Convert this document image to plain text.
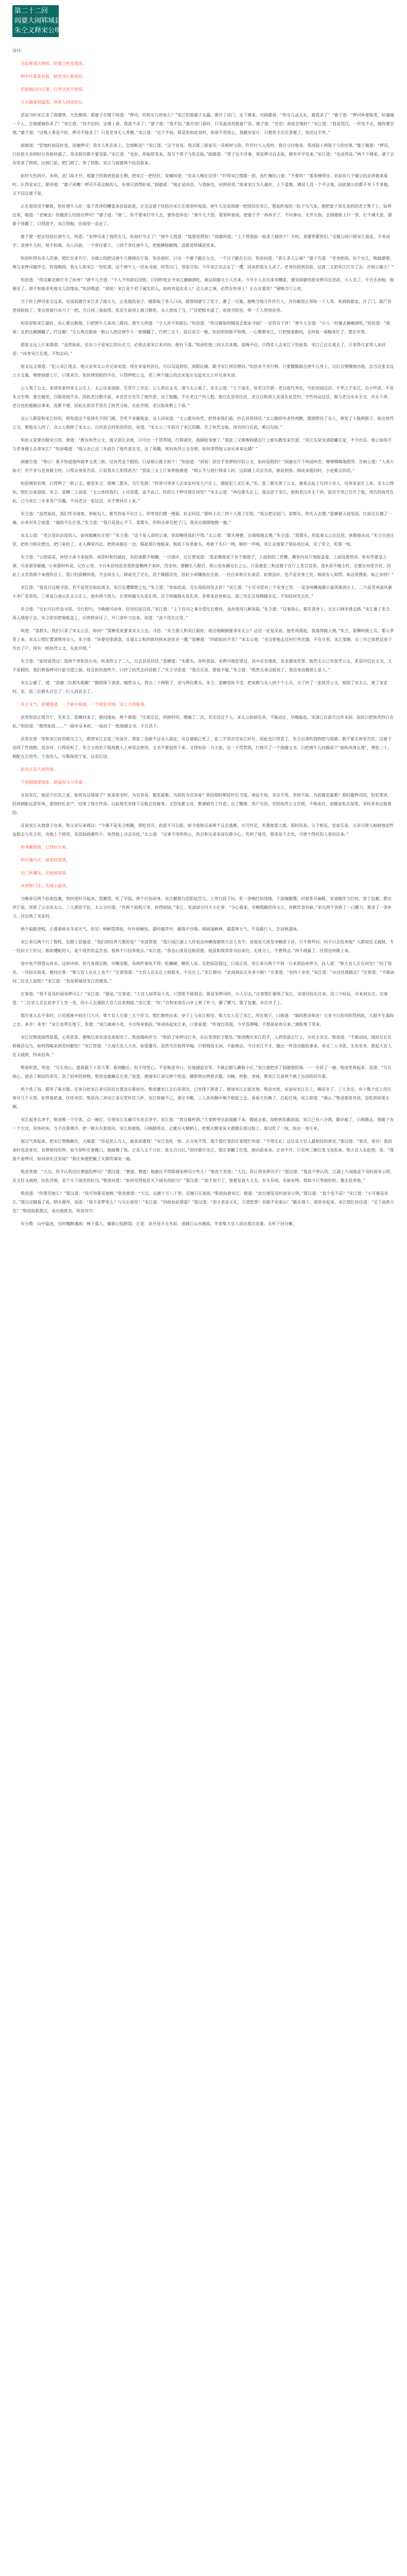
第二十二回
阎婆大闹郓城县
朱仝义释宋公明

诗曰：

为恶难逃天理昭，阴曹已把业缘消。

明中作恶犹有报，暗里违心祸更招。

若能悔过归正道，自然灾害不相侵。

丈夫做事须磊落，休使人间说短长。

话说当时宋江杀了阎婆惜，天色渐明，那婆子在楼下叫道：“押司，你和女儿吵甚么？”宋江怕那婆子走漏，便开了房门，走下楼来，对阎婆道：“你女儿忒无礼，被我杀了！”婆子道：“押司休要取笑，好端端一个人，怎地便被你杀了？”宋江道：“你不信时，去楼上看。我真个杀了！”婆子道：“我不信。”推开房门看时，只见血泊里挺着尸首。婆子道：“苦也！却是怎地好？”宋江道：“我是烈汉，一世也不走。随你要怎地。”婆子道：“这贱人果是不好，押司不错杀了！只是老身无人养赡。”宋江道：“这个不妨，既是你如此说时，你却不用忧心。我颇有家计，只教你丰衣足食便了，快活过半世。”

阎婆道：“恁地时却是好也，深谢押司！我女儿死在床上，怎地断送？”宋江道：“这个容易。我去陈三郎家买一具棺材与你。仵作行人入殓时，我自分付他来。我再取十两银子与你结果。”婆子谢道：“押司，只好趁天未明时讨具棺材盛了，邻舍街坊都不要见影。”宋江道：“也好。你取纸笔来，我写个票子与你去取。”阎婆道：“票子也不济事，须是押司自去取，便肯早早发来。”宋江道：“也说得是。”两个下楼来。婆子去房里拿了锁钥，出到门前，把门锁了，带了钥匙。宋江与阎婆两个投县前来。

此时天色尚早，未明，县门却才开。那婆子约莫到县前左侧，把宋江一把结住，发喊叫道：“有杀人贼在这里！”吓得宋江慌做一团，连忙掩住口道：“不要叫！”那里掩得住。县前有几个做公的走将拢来看时，认得是宋江，便劝道：“婆子闭嘴！押司不是这般的人，有事只消得好说。”阎婆道：“他正是凶首，与我捉住，同到县里。”原来宋江为人最好，上下爱敬，满县人没一个不让他，因此做公的都不肯下手拿他，又不信这婆子说。

正在那里没个解救，恰好唐牛儿托一盘子洗净的糟姜来县前赶趁，正见这婆子结扭住宋江在那里叫冤屈。唐牛儿见是阎婆一把扭结住宋江，想起昨夜的一肚子鸟气来，便把盘子放在卖药的老王凳子上，钻将过来，喝道：“老贼虫！你做甚么结扭住押司？”婆子道：“唐二，你不要来打夺人去，要你偿命也！”唐牛儿大怒，那里听他说，把婆子手一拆拆开了，不问事由，叉开五指，去阎婆脸上只一掌，打个满天星。那婆子昏撒了，只得放手。宋江得脱，往闹里一直走了。

婆子便一把去结扭住唐牛儿，叫道：“宋押司杀了我的女儿，你却打夺去了！”唐牛儿慌道：“我那里得知！”阎婆叫道：“上下替我捉一捉杀人贼则个！不时，须要带累你们。”众做公的只碍宋江面皮，不肯动手；拿唐牛儿时，须不担阁。众人向前，一个带住婆子，三四个拿住唐牛儿，把他横拖倒拽，直推进郓城县里来。

知县听得有杀人的事，慌忙出来升厅。众做公的把这唐牛儿簇拥在厅前。知县看时，只见一个婆子跪在左边，一个汉子跪在右边。知县问道：“甚么杀人公事？”婆子告道：“老身姓阎。有个女儿，唤做婆惜。典与宋押司做外宅。昨夜晚间，我女儿和宋江一处吃酒，这个唐牛儿一径来寻闹，叫骂出门，邻里尽知。今早宋江出去走了一遭，回来把我女儿杀了。老身结扭到县前，这唐二又把宋江打夺了去。告相公做主！”

知县道：“你这厮怎敢打夺了凶身？”唐牛儿告道：“小人不知前后因依。只因昨夜去寻宋江搪碗酒吃，被这阎婆叉小人出来。今早小人自出来卖糟姜，遇见阎婆结扭宋押司在县前，小人见了，不合去劝他，他便走了。却不知他杀死他女儿的缘由。”知县喝道：“胡说！宋江是个君子诚实的人，如何肯造次杀人？这人命之事，必然在你身上！左右在那里？”便唤当厅公吏。

当下转上押司张文远来，见说阎婆告宋江杀了他女儿，正是他的表子，随即取了各人口词，就替阎婆写了状子，叠了一宗案，便唤当地方仵作行人，并坊厢里正邻佑一干人等，来到阎婆家，开了门，取尸首登场检验了。身边放着行凶刀子一把。当日再三看验得，系是生前项上被刀勒死。众人登场了当，尸首把棺木盛了，寄放寺院里，将一干人带到县里。

知县却和宋江最好，有心要出脱他，只把唐牛儿来再三推问。唐牛儿供道：“小人并不知前后。”知县道：“你这厮如何隔夜去他家寻闹？一定你有干涉！”唐牛儿告道：“小人一时撞去搪碗酒吃。”知县道：“胡说！且把这厮捆翻了，打这厮！”左右两边狼虎一般公人把这唐牛儿一索捆翻了，打到三五十，前后语言一般。知县明知他不知情，一心要救宋江，只把他来勘问，且叫取一面枷来钉了，禁在牢里。

那张文远上厅来禀道：“虽然如此，见有刀子是宋江的压衣刀，必须去拿宋江来对问，便有下落。”知县吃他三回五次来禀，遮掩不住，只得差人去宋江下处捉拿。宋江已自在逃去了，只拿得几家邻人来回话：“凶身宋江在逃，不知去向。”

张文远又禀道：“犯人宋江逃去，他父亲宋太公并兄弟宋清，现在宋家村居住，可以勾追到官，责限比捕，跟寻宋江到官理问。”知县本不肯行移，只要朦胧做在唐牛儿身上，日后自慢慢地出他。怎当这张文远立主文案，唆使阎婆上厅，只管来告。知县情知阻挡不住，只得押纸公文，差三两个做公的去宋家庄勾追宋太公并兄弟宋清。

公人领了公文，来到宋家村宋太公庄上。太公出来迎接，至草厅上坐定。公人将出文书，递与太公看了。宋太公道：“上下请坐，容老汉告禀：老汉祖代务农，守此田园过活。不孝之子宋江，自小忤逆，不肯本分生理，要去做吏，百般说他不从。因此老汉数年前，本县官长处告了他忤逆，出了他籍，不在老汉户内人数。他自在县里住居，老汉自和孩儿宋清在此荒村，守些田亩过活。他与老汉水米无交，并无干涉。老汉也怕他做出事来，连累不便，因此在前官手里告了执凭文帖，在此存照。老汉取来教上下看。”

众公人都是和宋江好的，明知道这个是预先开的门路，苦死不肯做冤家。众人回说道：“太公既有执凭，把将来我们看，抄去县里回话。”太公随即宰杀些鸡鹅，置酒管待了众人，赍发了十数两银子，取出执凭公文，教他众人抄了。众公人相辞了宋太公，自回县去回知县的话，说道：“宋太公三年前出了宋江的籍，告了执凭文帖，现有抄白在此，难以勾捉。”

知县又是要出脱宋江的，便道：“既有执凭公文，他又别无亲族，只可出一千贯赏钱，行移诸处，海捕捉拿便了。”那张三又挑唆阎婆去厅上披头散发来告道：“宋江实是宋清隐藏在家，不令出官。相公如何不与老身做主去拿宋江？”知县喝道：“他父亲已自三年前告了他忤逆在官，出了他籍，现有执凭公文存照，如何拿得他父亲兄弟来比捕？”

阎婆告道：“相公！谁不知道他叫做孝义黑三郎，这执凭是个假的。只是相公做主则个！”知县道：“胡说！前官手里押的印信公文，如何是假的？”阎婆在厅下叫屈叫苦，哽哽咽咽地假哭，告相公道：“人命大如天！若不肯与老身做主时，只得去州里告状。只是我女儿死得甚苦！”那张三又上厅来替他禀道：“相公不与他行移拿人时，这阎婆上司去告状，倒是利害。倘或来提问时，小吏难去回话。”

知县情知有理，只得押了一纸公文，便差朱仝、雷横二都头，当厅发落：“你等可带多人去宋家村宋大户庄上，搜捉犯人宋江来。”朱、雷二都头领了公文，便来点起土兵四十余人，径奔宋家庄上来。宋太公得知，慌忙出来迎接。朱仝、雷横二人说道：“太公休怪我们。上司差遣，盖不由己。你的儿子押司现在何处？”宋太公道：“两位都头在上，我这逆子宋江，他和老汉并无干涉，前官手里已告开了他，现告的执凭在此。已与宋江三年多各户另籍，不同老汉一家过活，亦不曾回庄上来。”

朱仝道：“虽然如此，我们凭书请客，奉帖勾人，难凭你说不在庄上。你等我们搜一搜看，好去回话。”便叫土兵三四十人围了庄院。“我自把定前门，雷都头，你先入去搜。”雷横便入进里面，庄前庄后搜了一遍，出来对朱仝说道：“端的不在庄里。”朱仝道：“我只是放心不下。雷都头，你和众弟兄把了门，我亲自细细地搜一遍。”

宋太公道：“老汉是识法度的人，如何敢藏在庄里？”朱仝道：“这个是人命的公事，你却嗔怪我们不得。”太公道：“都头尊便，自细细地去搜。”朱仝道：“雷都头，你监着太公在这里，休教他走动。”朱仝自进庄里，把朴刀倚在壁边，把门来拴了，走入佛堂内去，把供床拖在一边，揭起那片地板来。板底下有条索头，将索子头只一拽，铜铃一声响，宋江从地窨子里钻将出来，见了朱仝，吃那一惊。

朱仝道：“公明哥哥，休怪小弟今来捉你。闲常时和你最好，有的事都不相瞒。一日酒中，兄长曾说道：‘我家佛座底下有个地窨子，上面供的三世佛，佛堂内有片地板盖着，上面设着供床。你有些紧急之事，可来那里躲避。’小弟那时听说，记在心里。今日本县知县差我和雷横两个来时，没奈何，要瞒生人眼目。相公也有觑兄长之心，只是被张三和这婆子在厅上发言发语，道本县不做主时，定要在州里告状，因此上又差我两个来搜你庄上。我只怕雷横执着，不会周全人，倘或见了兄长，没个做圆活处，因此小弟赚他在庄前，一径自来和兄长说话。此地虽好，也不是安身之处。倘或有人知得，来这里搜着，如之奈何？”

宋江道：“我也自这般寻思。若不是贤兄如此周全，宋江定遭缧绁之厄。”朱仝道：“休如此说。兄长却投何处去好？”宋江道：“小可寻思有三个安身之处：一是沧州横海郡小旋风柴进庄上，二乃是青州清风寨小李广花荣处，三者是白虎山孔太公庄上。他有两个孩儿：长男叫做毛头星孔明，次子叫做独火星孔亮，多曾来县里相会。那三处在这里踌躇未定，不知投何处去好。”

朱仝道：“兄长可以作急寻思，当行即行。今晚便可动身，切勿迟延自误。”宋江道：“上下官司之事全望兄长维持，金帛使用只顾来取。”朱仝道：“这事放心，都在我身上。兄长只顾安排去路。”宋江谢了朱仝，再入地窨子去。朱仝依旧把地板盖上，还将供床压了，开门拿朴刀出来，说道：“真个没在庄里。”

叫道：“雷都头，我们只拿了宋太公去，如何？”雷横见说要拿宋太公去，寻思：“朱仝那人和宋江最好，他怎地颠倒要拿宋太公？这话一定是反说。他若再提起，我落得做人情。”朱仝、雷横叫拢土兵，都入草堂上来。宋太公慌忙置酒管待众人。朱仝道：“休要安排酒食，且请太公和四郎同到本县里走一遭。”雷横道：“四郎如何不见？”宋太公道：“老汉使他去近村打些农器，不在庄里。宋江那厮，自三年已前把这逆子告出了户，现有一纸执凭公文，在此存照。”

朱仝道：“如何说得过！我两个奉知县台旨，叫拿你父子二人，自去县里回话。”雷横道：“朱都头，你听我说。宋押司他犯罪过，其中必有缘故，也未便该死罪。既然太公已有执凭公文，系是印信官文书，又不是假的，我们须看押司日前交望之面，权且担负他些个，只抄了执凭去回话便了。”朱仝寻思道：“我自反说，要他不疑。”朱仝道：“既然兄弟这般说了，我没来由做甚么恶人。”

宋太公谢了，道：“深感二位都头相觑！”随即排下酒食，犒赏众人，将出二十两银子，送与两位都头。朱仝、雷横坚执不受，把来散与众人四十个土兵，分了抄了一张执凭公文，相别了宋太公，离了宋家村。朱、雷二位都头自引了一行人回县去了。

朱仝义气，雷横圆通，一个暗中相救，一个明里卖情，宋江方得脱身。

县里知县正值升厅，见朱仝、雷横回来了，便问缘由。两个禀道：“庄前庄后，四围村坊，搜遍了二次，其实没这个人。宋太公卧病在床，不能动止，早晚临危。宋清已自前月出外未回。因此只把执凭抄白在此。”知县道：“既然如此……”一面申呈本府，一面动了一纸海捕文书，不在话下。

县里有那一等和宋江好的相交之人，都替宋江去张三处说开。那张三也耐不过众人面皮；况且婆娘已死了，张三平常亦受宋江好处，因此也只得罢了。朱仝自凑些钱物把与阎婆，教不要去州里告状；这婆子也得了些钱物，没奈何，只得依听了。朱仝又将若干银两教人上州里去使用，文书不要驳将下来。又得知县一力主张，出一千贯赏钱，行移开了一个海捕文书，只把唐牛儿问做成个“故纵凶身在逃”，脊杖二十，刺配五百里外。干连的人，尽数保放宁家。这是后话。

此处正是人情世故。

千里姻缘使线牵，路遥知马力非虚。

且说宋江，他是个庄农之家，如何有这地窨子？原来故宋时，为官容易，做吏最难。为甚的为官容易？皆因那时朝廷奸臣当道，谗佞专权，非亲不用，非财不取。为甚做吏最难？那时做押司的，但犯罪责，轻则刺配远恶军州，重则抄扎家产，结果了残生性命。以此预先安排下这般去处躲身。又恐连累父母，教爹娘告了忤逆，出了籍册，各户另居，官给执凭公文存照，不相来往，却做家私在屋里。宋时多有这般算的。

且说宋江从地窨子出来，和父亲兄弟商议：“今番不是朱仝相觑，须吃官司，此恩不可忘报。如今我和兄弟两个且去逃难。天可怜见，若遇宽恩大赦，那时回来，父子相见，安家乐业。父亲可使人暗暗地送些金银去与朱仝处，央他上下使用，及资助阎婆些少，免得他上司去告扰。”太公道：“这事不用你忧心，你自和兄弟宋清在路小心。若到了彼处，那里是个去处，可使个得托的人寄封信来。”

将身藏地窨，已得好兄弟。

明中施巧计，暗里结恩情。

出门休嫌远，见面始知真。

未到柴门庄，先闻小旋风。

当晚弟兄两个拴束包裹，到四更时分起来，洗漱罢，吃了早饭，两个打扮动身。宋江戴着白范阳毡笠儿，上穿白段子衫，系一条梅红纵线绦，下面缠脚绷，衬着多耳麻鞋。宋清做伴当打扮，背了包裹。都出草厅前，拜辞了父亲宋太公。三人洒泪不住。太公分付道：“你两个前程万里，休得烦恼。”宋江、宋清却分付大小庄客：“小心看家，早晚殷勤伏侍太公，休教饮食有缺。”弟兄两个各跨了一口腰刀，都拿了一条朴刀，径出离了宋家村。

两个取路登程，正遇着秋末冬初天气。但见：柄柄芰荷枯，叶叶梧桐坠。蛩吟腐草中，雁落平沙地。细雨湿枫林，霜重寒天气。不是路行人，怎谙秋滋味。

宋江弟兄两个行了数程，在路上思量道：“我们却投奔兀谁的是？”宋清答道：“我只闻江湖上人传说沧州横海郡柴大官人名字，说他是大周皇帝嫡派子孙，只不曾拜识。何不只去投奔他？人都说仗义疏财，专一结识天下好汉，救助遭配的人，是个现世的孟尝君。我两个只投奔他去。”宋江道：“我也心里是这般思想。他虽和我常常书信来往，无缘分上，不曾得会。”两个商量了，径望沧州路上来。

途中免不得登山涉水，过府冲州。但凡客商在路，早晚安歇，有两件事免不得：吃癞碗，睡死人床。且把闲话提过，只说正话。宋江弟兄两个不则一日来到沧州界分，问人道：“柴大官人庄在何处？”问了地名，一径投庄前来，便问庄客：“柴大官人在庄上也不？”庄客答道：“大官人在东庄上收租米，不在庄上。”宋江便问：“此间到东庄有多少路？”庄客道：“有四十余里。”宋江道：“从何处落路去？”庄客道：“不敢动问二位官人高姓？”宋江道：“我是郓城县宋江的便是。”

庄客道：“莫不是及时雨宋押司么？”宋江道：“便是。”庄客道：“大官人如常说大名，只怨怅不能相会。既是宋押司时，小人引去。”庄客慌忙便领了宋江、宋清径投东庄来。没三个时辰，早来到东庄。庄客道：“二位官人且在此亭子上坐一坐，待小人去通报大官人出来相接。”宋江道：“好。”自和宋清在山亭上倚了朴刀，解了腰刀，歇了包裹，坐在亭子上。

那庄客入去不多时，只见那座中间庄门大开，柴大官人引着三五个伴当，慌忙跑将出来，亭子上与宋江相见。柴大官人见了宋江，拜在地下，口称道：“端的想杀柴进！天幸今日甚风吹得到此，大慰平生渴仰之念。多幸！多幸！”宋江也拜在地下，答道：“宋江疏顽小吏，今日特来相投。”柴进扶起宋江来，口里说道：“昨夜灯花报，今早喜鹊噪，不想却是贵兄来。”满脸堆下笑来。

宋江见柴进接得意重，心里甚喜，便唤兄弟宋清也来相见了。柴进喝叫伴当：“收拾了宋押司行李，在后堂西轩下歇处。”柴进携住宋江的手，入到里面正厅上，分宾主坐定。柴进道：“不敢动问，闻知兄长在郓城县勾当，如何得暇来到荒村敝处？”宋江答道：“久闻大官人大名，如雷灌耳。虽然节次收得华翰，只恨贱役无闲，不能相会。今日宋江不才，做出一件没出豁的事来，弟兄二人寻思，无处安身，想起大官人仗义疏财，特来投奔。”

柴进听罢，笑道：“兄长放心。遮莫做下十恶大罪，既到敝庄，但不用忧心。不是柴进夸口，任他捕盗官军，不敢正眼儿觑着小庄。”宋江便把杀了阎婆惜的事，一一告诉了一遍。柴进笑将起来，说道：“兄长放心，便杀了朝廷的命官，劫了府库的财物，柴进也敢藏在庄里。”说罢，便请宋江弟兄两个洗浴，随即将出两套衣服、巾帻、丝鞋、净袜，教宋江兄弟两个换了出浴的旧衣裳。

两个洗了浴，都穿了新衣服。庄客自把宋江弟兄的旧衣裳送在歇宿处。柴进邀宋江去后堂深处，已安排下酒食了。便请宋江正面坐地，柴进对席，宋清有宋江在上，侧首坐了。三人坐定，有十数个近上的庄客并几个主管，轮替着把盏，伏侍劝饮。柴进再三劝宋江弟兄宽怀饮几杯，宋江称谢不已。酒至半酣，三人各诉胸中朝夕相爱之念。看看天色晚了，点起灯烛。宋江辞道：“酒止。”柴进那里肯放，直吃到初更左侧。

宋江起身去净手，柴进唤一个庄客，点一碗灯，引领宋江东廊尽头处去净手。宋江道：“我且躲杯酒。”大宽转穿出前面廊下来，俄延走着，却转到东廊前面。宋江已有八分酒，脚步趄了，只顾踏去。那廊下有一个大汉，因害疟疾，当不住那寒冷，把一锨火在那里向。宋江仰着脸，只顾踏将去，正跐在火锨柄上，把那火锨里炭火都掀在那汉脸上。那汉吃了一惊，惊出一身汗来。

那汉气将起来，把宋江劈胸揪住，大喝道：“你是甚么鸟人，敢来消遣我！”宋江也吃一惊。正分说不得，那个提灯笼的庄客慌忙叫道：“不得无礼！这位是大官人最相待的客官。”那汉道：“客官，客官！我初来时也是客官，也曾相待的厚。如今却听庄客搬口，便疏慢了我。正是人无千日好，花无百日红。”却待要打宋江，那庄客撇了灯笼，便向前来劝。正劝不开，只见两三碗灯笼飞也似来。柴大官人亲赶到，说：“我接不着押司，如何却在这里闹？”那庄客便把跐了火锨的事说一遍。

柴进笑道：“大汉，你不认的这位奢遮的押司？”那汉道：“奢遮，奢遮！他敢比不得郓城宋押司少些儿！”柴进大笑道：“大汉，你认得宋押司不？”那汉道：“我虽不曾认的，江湖上久闻他是个及时雨宋公明，且又仗义疏财，扶危济困，是个天下闻名的好汉。”柴进问道：“如何见得他是天下闻名的好汉？”那汉道：“却才说不了，他便是真大丈夫，有头有尾，有始有终。我如今只等病好时，便去投奔他。”

柴进道：“你要见他么？”那汉道：“我可知要见他哩。”柴进便道：“大汉，远便十万八千里，近便只在面前。”柴进指着宋江，便道：“此位便是及时雨宋公明。”那汉道：“真个也不是？”宋江道：“小可便是宋江。”那汉定睛看了看，纳头便拜，说道：“我不是梦里么？与兄长相见！”宋江道：“何故如此错爱？”那汉道：“却才甚是无礼，万望恕罪！有眼不识泰山！”跪在地下，那里肯起来。宋江慌忙扶住道：“足下高姓大名？”柴进指着那汉，说出他姓名，叫甚讳字。

有分教：山中猛虎，见时魄散魂离；林下强人，撞着心惊胆裂。正是：说开星月无光彩，道破江山水倒流。毕竟柴大官人说出那汉是谁，且听下回分解。
